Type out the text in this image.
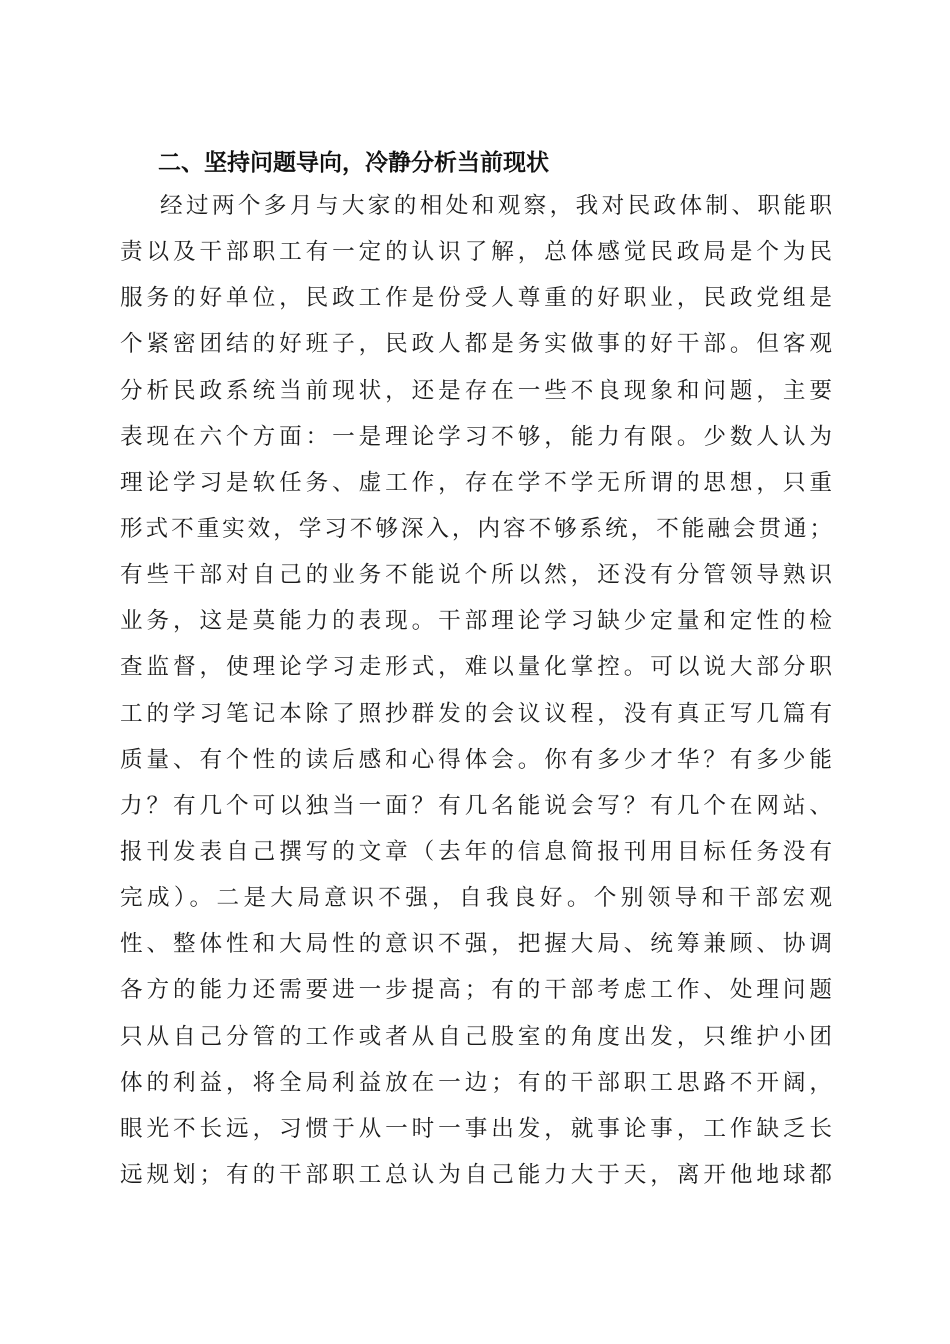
二、坚持问题导向，冷静分析当前现状
经过两个多月与大家的相处和观察，我对民政体制、职能职
责以及干部职工有一定的认识了解，总体感觉民政局是个为民
服务的好单位，民政工作是份受人尊重的好职业，民政党组是
个紧密团结的好班子，民政人都是务实做事的好干部。但客观
分析民政系统当前现状，还是存在一些不良现象和问题，主要
表现在六个方面：一是理论学习不够，能力有限。少数人认为
理论学习是软任务、虚工作，存在学不学无所谓的思想，只重
形式不重实效，学习不够深入，内容不够系统，不能融会贯通；
有些干部对自己的业务不能说个所以然，还没有分管领导熟识
业务，这是莫能力的表现。干部理论学习缺少定量和定性的检
查监督，使理论学习走形式，难以量化掌控。可以说大部分职
工的学习笔记本除了照抄群发的会议议程，没有真正写几篇有
质量、有个性的读后感和心得体会。你有多少才华？有多少能
力？有几个可以独当一面？有几名能说会写？有几个在网站、
报刊发表自己撰写的文章（去年的信息简报刊用目标任务没有
完成）。二是大局意识不强，自我良好。个别领导和干部宏观
性、整体性和大局性的意识不强，把握大局、统筹兼顾、协调
各方的能力还需要进一步提高；有的干部考虑工作、处理问题
只从自己分管的工作或者从自己股室的角度出发，只维护小团
体的利益，将全局利益放在一边；有的干部职工思路不开阔，
眼光不长远，习惯于从一时一事出发，就事论事，工作缺乏长
远规划；有的干部职工总认为自己能力大于天，离开他地球都
